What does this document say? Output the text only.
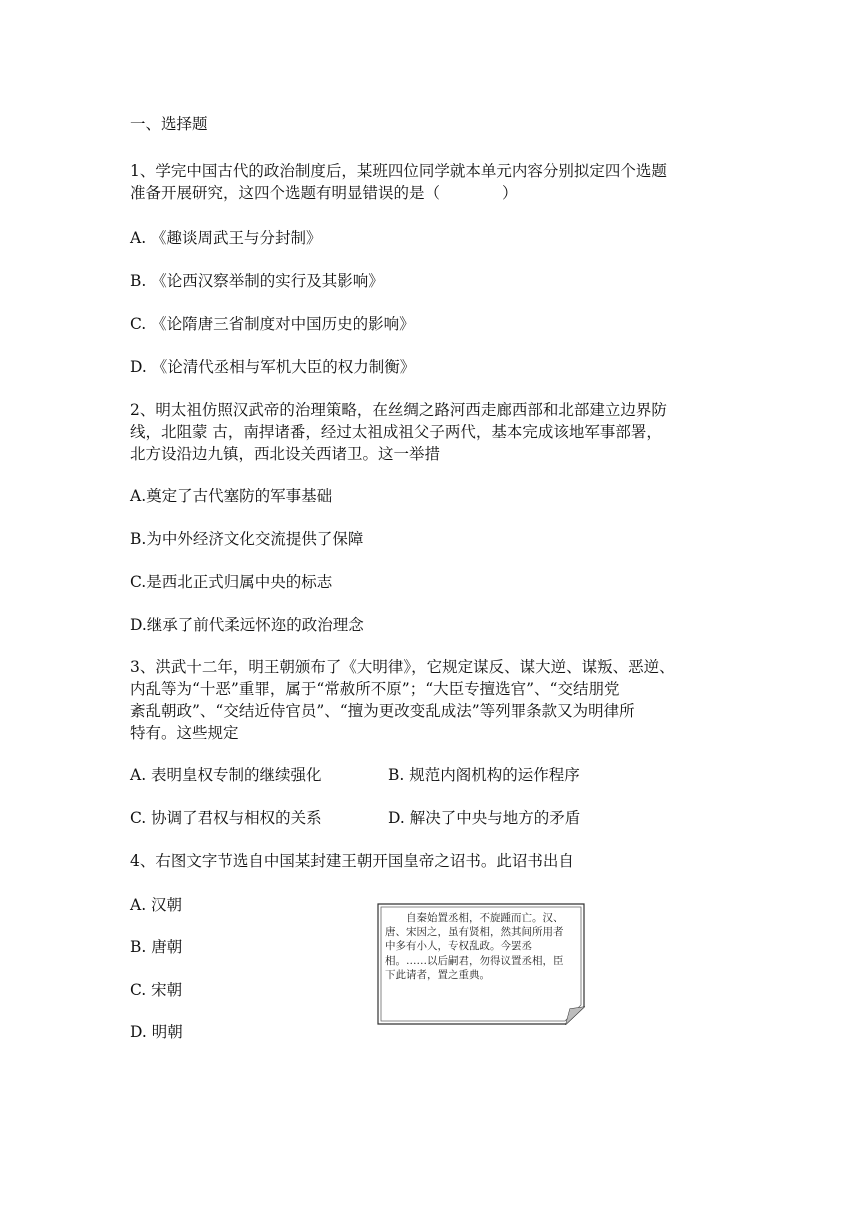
一、选择题
1、学完中国古代的政治制度后，某班四位同学就本单元内容分别拟定四个选题
准备开展研究，这四个选题有明显错误的是（　　　　）
A. 《趣谈周武王与分封制》
B. 《论西汉察举制的实行及其影响》
C. 《论隋唐三省制度对中国历史的影响》
D. 《论清代丞相与军机大臣的权力制衡》
2、明太祖仿照汉武帝的治理策略，在丝绸之路河西走廊西部和北部建立边界防
线，北阻蒙 古，南捍诸番，经过太祖成祖父子两代，基本完成该地军事部署，
北方设沿边九镇，西北设关西诸卫。这一举措
A.奠定了古代塞防的军事基础
B.为中外经济文化交流提供了保障
C.是西北正式归属中央的标志
D.继承了前代柔远怀迩的政治理念
3、洪武十二年，明王朝颁布了《大明律》，它规定谋反、谋大逆、谋叛、恶逆、
内乱等为“十恶”重罪，属于“常赦所不原”；“大臣专擅选官”、“交结朋党
紊乱朝政”、“交结近侍官员”、“擅为更改变乱成法”等列罪条款又为明律所
特有。这些规定
A. 表明皇权专制的继续强化	B. 规范内阁机构的运作程序
C. 协调了君权与相权的关系	D. 解决了中央与地方的矛盾
4、右图文字节选自中国某封建王朝开国皇帝之诏书。此诏书出自
A. 汉朝
B. 唐朝
C. 宋朝
D. 明朝
　　自秦始置丞相，不旋踵而亡。汉、唐、宋因之，虽有贤相，然其间所用者中多有小人，专权乱政。今罢丞相。……以后嗣君，勿得议置丞相，臣下此请者，置之重典。
